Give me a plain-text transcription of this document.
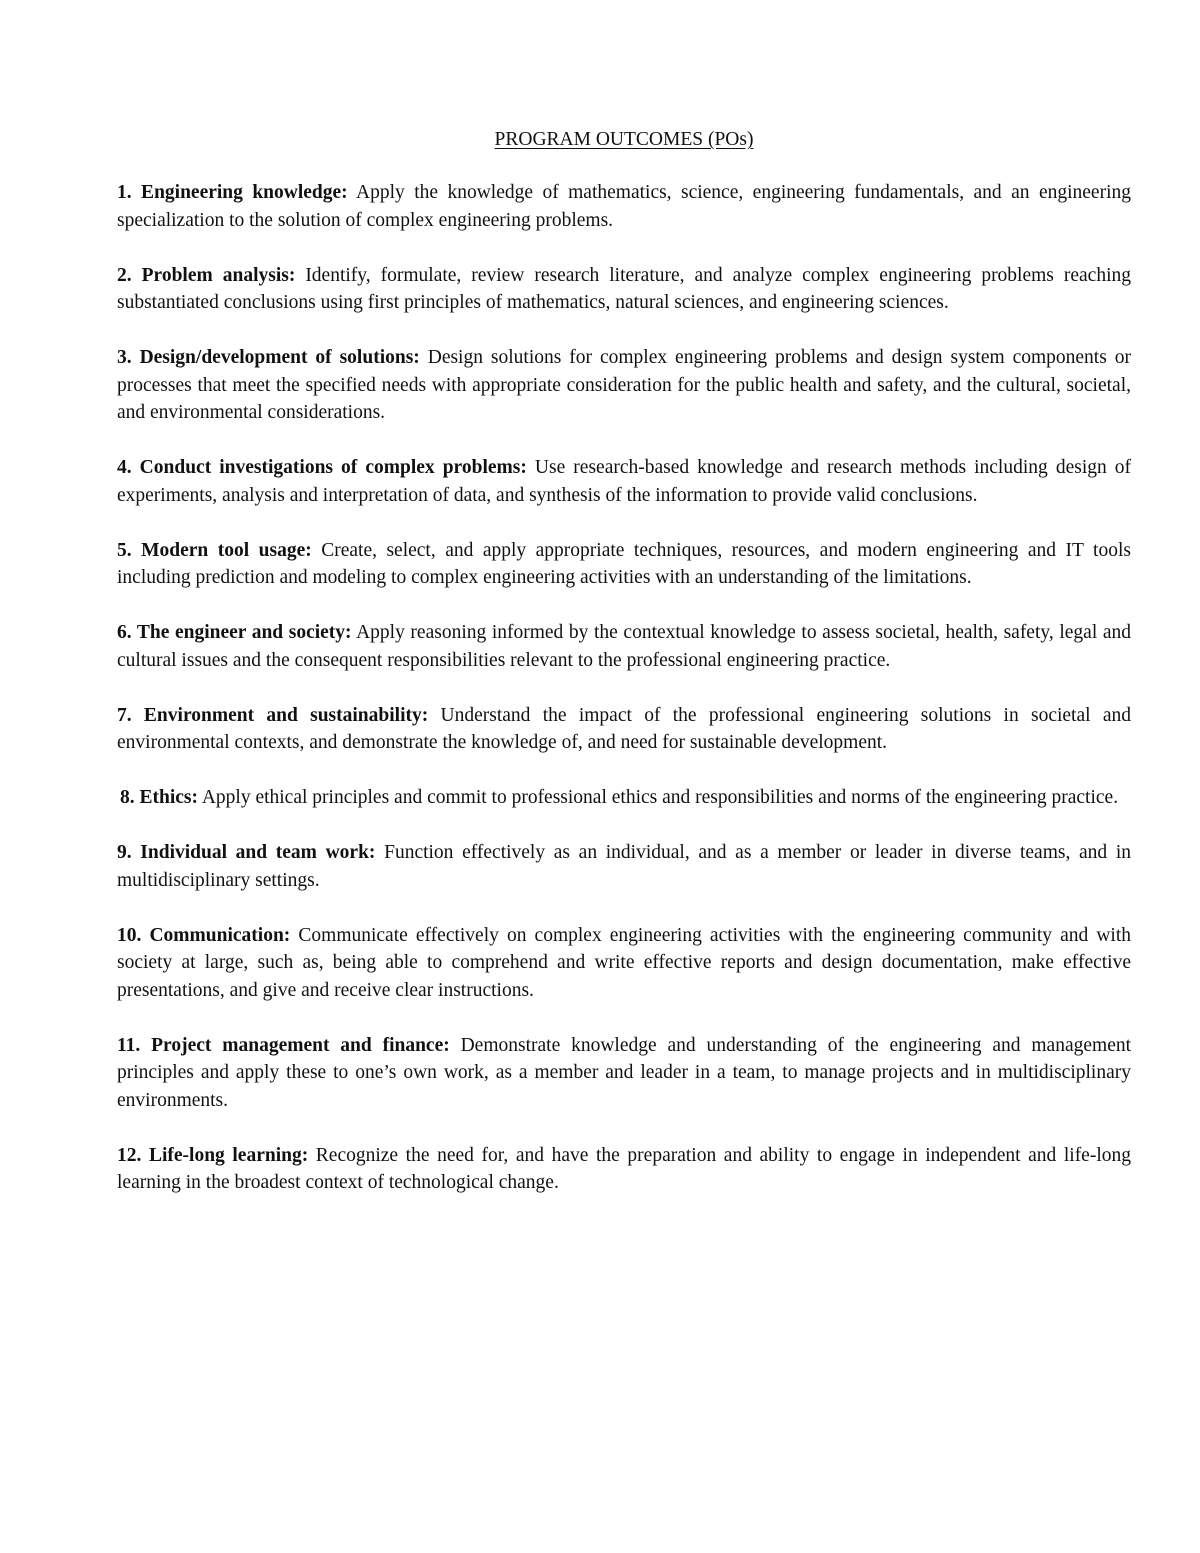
PROGRAM OUTCOMES (POs)

1. Engineering knowledge: Apply the knowledge of mathematics, science, engineering fundamentals, and an engineering specialization to the solution of complex engineering problems.

2. Problem analysis: Identify, formulate, review research literature, and analyze complex engineering problems reaching substantiated conclusions using first principles of mathematics, natural sciences, and engineering sciences.

3. Design/development of solutions: Design solutions for complex engineering problems and design system components or processes that meet the specified needs with appropriate consideration for the public health and safety, and the cultural, societal, and environmental considerations.

4. Conduct investigations of complex problems: Use research-based knowledge and research methods including design of experiments, analysis and interpretation of data, and synthesis of the information to provide valid conclusions.

5. Modern tool usage: Create, select, and apply appropriate techniques, resources, and modern engineering and IT tools including prediction and modeling to complex engineering activities with an understanding of the limitations.

6. The engineer and society: Apply reasoning informed by the contextual knowledge to assess societal, health, safety, legal and cultural issues and the consequent responsibilities relevant to the professional engineering practice.

7. Environment and sustainability: Understand the impact of the professional engineering solutions in societal and environmental contexts, and demonstrate the knowledge of, and need for sustainable development.

8. Ethics: Apply ethical principles and commit to professional ethics and responsibilities and norms of the engineering practice.

9. Individual and team work: Function effectively as an individual, and as a member or leader in diverse teams, and in multidisciplinary settings.

10. Communication: Communicate effectively on complex engineering activities with the engineering community and with society at large, such as, being able to comprehend and write effective reports and design documentation, make effective presentations, and give and receive clear instructions.

11. Project management and finance: Demonstrate knowledge and understanding of the engineering and management principles and apply these to one’s own work, as a member and leader in a team, to manage projects and in multidisciplinary environments.

12. Life-long learning: Recognize the need for, and have the preparation and ability to engage in independent and life-long learning in the broadest context of technological change.
